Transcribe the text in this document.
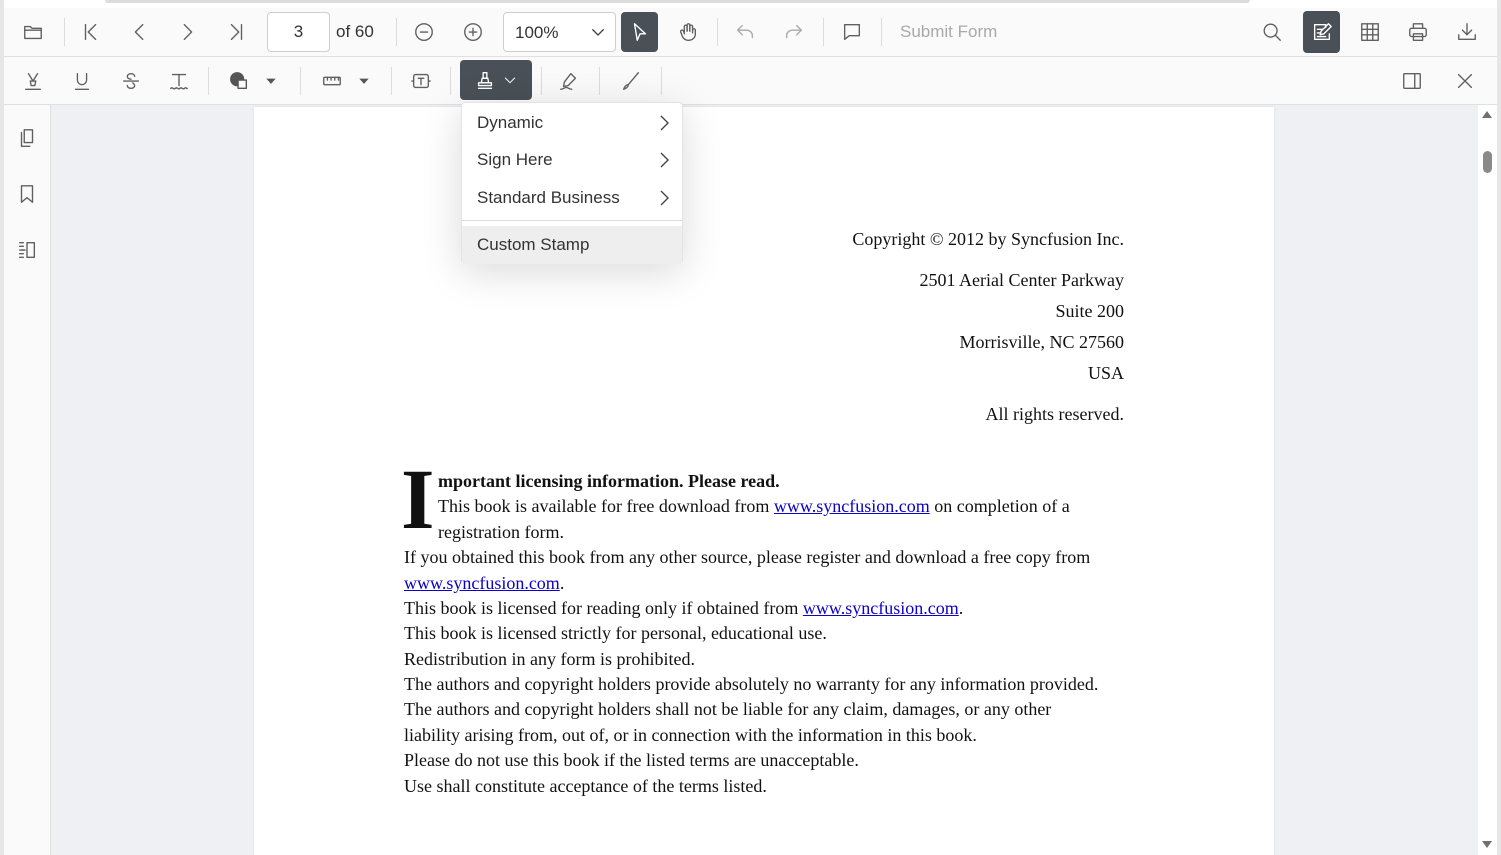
3	of 60	100%	Submit Form
Copyright © 2012 by Syncfusion Inc.
2501 Aerial Center Parkway
Suite 200
Morrisville, NC 27560
USA
All rights reserved.
I mportant licensing information. Please read.
This book is available for free download from www.syncfusion.com on completion of a
registration form.
If you obtained this book from any other source, please register and download a free copy from
www.syncfusion.com.
This book is licensed for reading only if obtained from www.syncfusion.com.
This book is licensed strictly for personal, educational use.
Redistribution in any form is prohibited.
The authors and copyright holders provide absolutely no warranty for any information provided.
The authors and copyright holders shall not be liable for any claim, damages, or any other
liability arising from, out of, or in connection with the information in this book.
Please do not use this book if the listed terms are unacceptable.
Use shall constitute acceptance of the terms listed.
Dynamic
Sign Here
Standard Business
Custom Stamp
